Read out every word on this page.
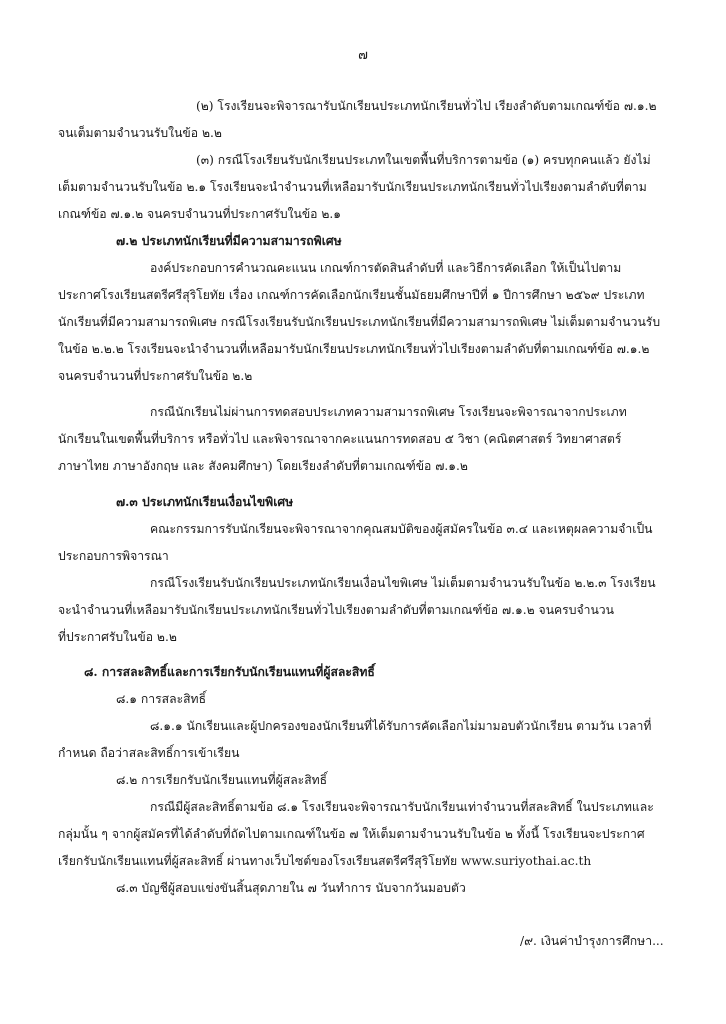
๗
(๒) โรงเรียนจะพิจารณารับนักเรียนประเภทนักเรียนทั่วไป เรียงลำดับตามเกณฑ์ข้อ ๗.๑.๒
จนเต็มตามจำนวนรับในข้อ ๒.๒
(๓) กรณีโรงเรียนรับนักเรียนประเภทในเขตพื้นที่บริการตามข้อ (๑) ครบทุกคนแล้ว ยังไม่
เต็มตามจำนวนรับในข้อ ๒.๑ โรงเรียนจะนำจำนวนที่เหลือมารับนักเรียนประเภทนักเรียนทั่วไปเรียงตามลำดับที่ตาม
เกณฑ์ข้อ ๗.๑.๒ จนครบจำนวนที่ประกาศรับในข้อ ๒.๑
๗.๒ ประเภทนักเรียนที่มีความสามารถพิเศษ
องค์ประกอบการคำนวณคะแนน เกณฑ์การตัดสินลำดับที่ และวิธีการคัดเลือก ให้เป็นไปตาม
ประกาศโรงเรียนสตรีศรีสุริโยทัย เรื่อง เกณฑ์การคัดเลือกนักเรียนชั้นมัธยมศึกษาปีที่ ๑ ปีการศึกษา ๒๕๖๙ ประเภท
นักเรียนที่มีความสามารถพิเศษ กรณีโรงเรียนรับนักเรียนประเภทนักเรียนที่มีความสามารถพิเศษ ไม่เต็มตามจำนวนรับ
ในข้อ ๒.๒.๒ โรงเรียนจะนำจำนวนที่เหลือมารับนักเรียนประเภทนักเรียนทั่วไปเรียงตามลำดับที่ตามเกณฑ์ข้อ ๗.๑.๒
จนครบจำนวนที่ประกาศรับในข้อ ๒.๒
กรณีนักเรียนไม่ผ่านการทดสอบประเภทความสามารถพิเศษ โรงเรียนจะพิจารณาจากประเภท
นักเรียนในเขตพื้นที่บริการ หรือทั่วไป และพิจารณาจากคะแนนการทดสอบ ๕ วิชา (คณิตศาสตร์ วิทยาศาสตร์
ภาษาไทย ภาษาอังกฤษ และ สังคมศึกษา) โดยเรียงลำดับที่ตามเกณฑ์ข้อ ๗.๑.๒
๗.๓ ประเภทนักเรียนเงื่อนไขพิเศษ
คณะกรรมการรับนักเรียนจะพิจารณาจากคุณสมบัติของผู้สมัครในข้อ ๓.๔ และเหตุผลความจำเป็น
ประกอบการพิจารณา
กรณีโรงเรียนรับนักเรียนประเภทนักเรียนเงื่อนไขพิเศษ ไม่เต็มตามจำนวนรับในข้อ ๒.๒.๓ โรงเรียน
จะนำจำนวนที่เหลือมารับนักเรียนประเภทนักเรียนทั่วไปเรียงตามลำดับที่ตามเกณฑ์ข้อ ๗.๑.๒ จนครบจำนวน
ที่ประกาศรับในข้อ ๒.๒
๘. การสละสิทธิ์และการเรียกรับนักเรียนแทนที่ผู้สละสิทธิ์
๘.๑ การสละสิทธิ์
๘.๑.๑ นักเรียนและผู้ปกครองของนักเรียนที่ได้รับการคัดเลือกไม่มามอบตัวนักเรียน ตามวัน เวลาที่
กำหนด ถือว่าสละสิทธิ์การเข้าเรียน
๘.๒ การเรียกรับนักเรียนแทนที่ผู้สละสิทธิ์
กรณีมีผู้สละสิทธิ์ตามข้อ ๘.๑ โรงเรียนจะพิจารณารับนักเรียนเท่าจำนวนที่สละสิทธิ์ ในประเภทและ
กลุ่มนั้น ๆ จากผู้สมัครที่ได้ลำดับที่ถัดไปตามเกณฑ์ในข้อ ๗ ให้เต็มตามจำนวนรับในข้อ ๒ ทั้งนี้ โรงเรียนจะประกาศ
เรียกรับนักเรียนแทนที่ผู้สละสิทธิ์ ผ่านทางเว็บไซต์ของโรงเรียนสตรีศรีสุริโยทัย www.suriyothai.ac.th
๘.๓ บัญชีผู้สอบแข่งขันสิ้นสุดภายใน ๗ วันทำการ นับจากวันมอบตัว
/๙. เงินค่าบำรุงการศึกษา...
